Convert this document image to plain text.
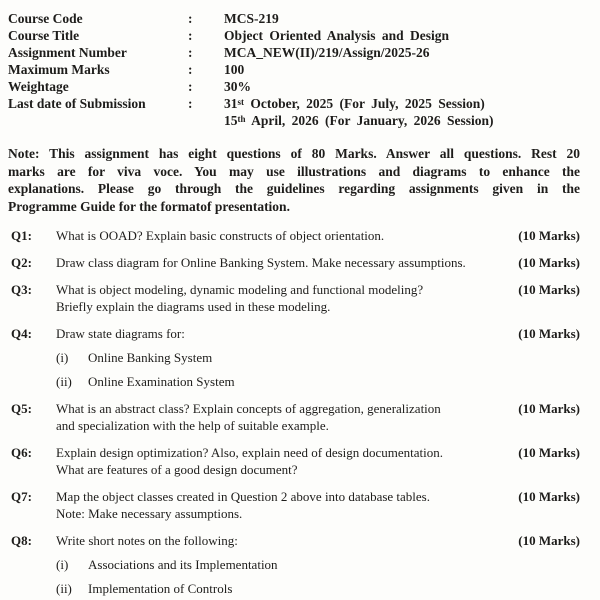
Course Code	:	MCS-219
Course Title	:	Object Oriented Analysis and Design
Assignment Number	:	MCA_NEW(II)/219/Assign/2025-26
Maximum Marks	:	100
Weightage	:	30%
Last date of Submission	:	31st October, 2025 (For July, 2025 Session)
15th April, 2026 (For January, 2026 Session)
Note: This assignment has eight questions of 80 Marks. Answer all questions. Rest 20
marks are for viva voce. You may use illustrations and diagrams to enhance the
explanations. Please go through the guidelines regarding assignments given in the
Programme Guide for the formatof presentation.
Q1:	What is OOAD? Explain basic constructs of object orientation.	(10 Marks)
Q2:	Draw class diagram for Online Banking System. Make necessary assumptions.	(10 Marks)
Q3:	What is object modeling, dynamic modeling and functional modeling?
Briefly explain the diagrams used in these modeling.
(10 Marks)
Q4:	Draw state diagrams for:
(i)	Online Banking System
(ii)	Online Examination System
(10 Marks)
Q5:	What is an abstract class? Explain concepts of aggregation, generalization
and specialization with the help of suitable example.
(10 Marks)
Q6:	Explain design optimization? Also, explain need of design documentation.
What are features of a good design document?
(10 Marks)
Q7:	Map the object classes created in Question 2 above into database tables.
Note: Make necessary assumptions.
(10 Marks)
Q8:	Write short notes on the following:
(i)	Associations and its Implementation
(ii)	Implementation of Controls
(10 Marks)
